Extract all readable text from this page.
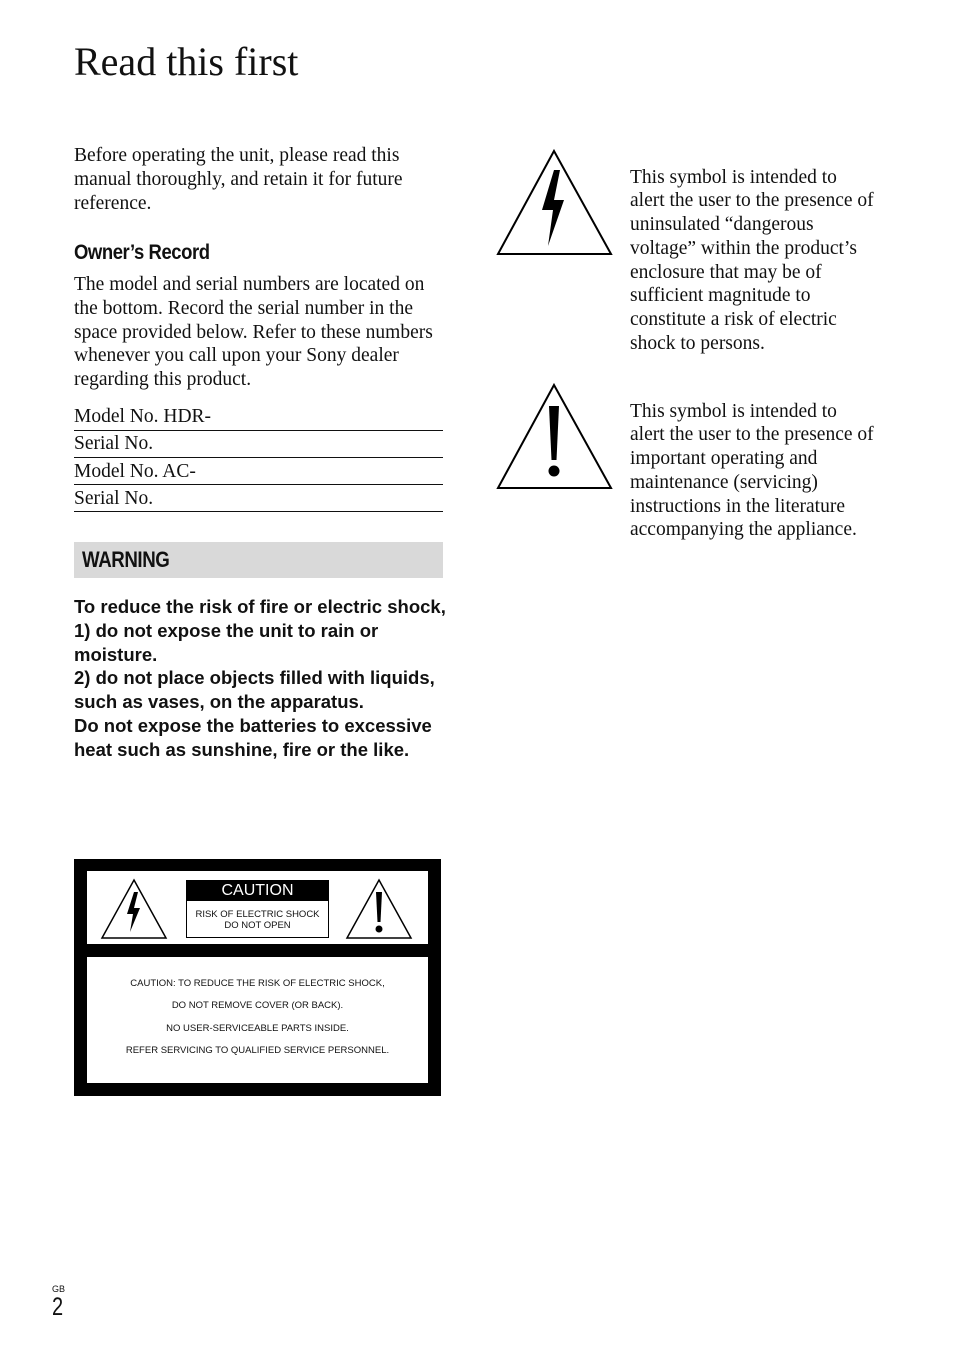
Read this first

Before operating the unit, please read this manual thoroughly, and retain it for future reference.

Owner’s Record

The model and serial numbers are located on the bottom. Record the serial number in the space provided below. Refer to these numbers whenever you call upon your Sony dealer regarding this product.

Model No. HDR-
Serial No.
Model No. AC-
Serial No.
WARNING
To reduce the risk of fire or electric shock,
1) do not expose the unit to rain or moisture.
2) do not place objects filled with liquids, such as vases, on the apparatus.
Do not expose the batteries to excessive heat such as sunshine, fire or the like.
CAUTION
RISK OF ELECTRIC SHOCK
DO NOT OPEN
CAUTION: TO REDUCE THE RISK OF ELECTRIC SHOCK,
DO NOT REMOVE COVER (OR BACK).
NO USER-SERVICEABLE PARTS INSIDE.
REFER SERVICING TO QUALIFIED SERVICE PERSONNEL.

This symbol is intended to alert the user to the presence of uninsulated “dangerous voltage” within the product’s enclosure that may be of sufficient magnitude to constitute a risk of electric shock to persons.

This symbol is intended to alert the user to the presence of important operating and maintenance (servicing) instructions in the literature accompanying the appliance.

GB
2
